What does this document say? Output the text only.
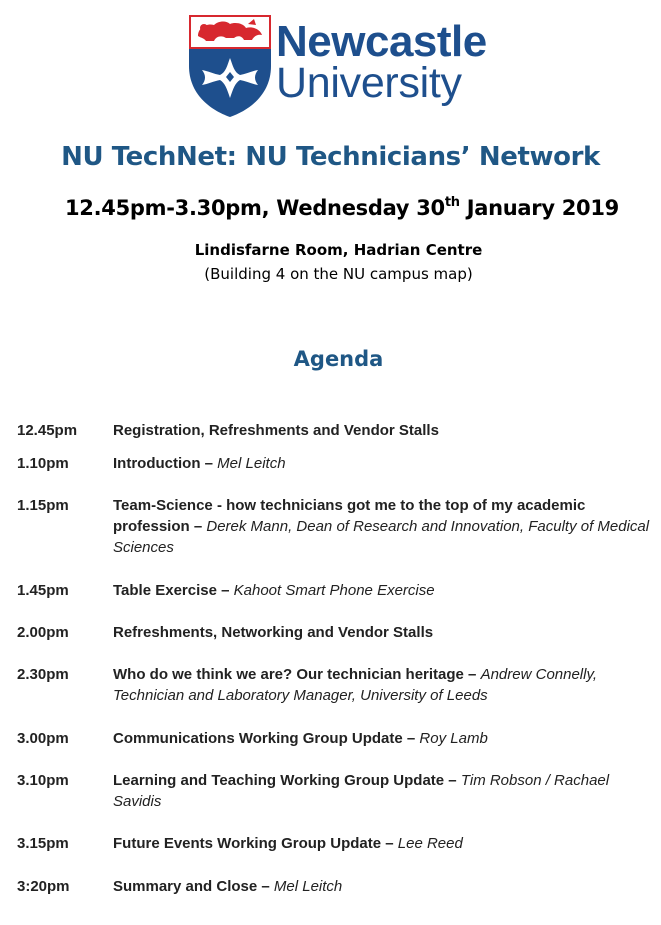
Newcastle
University
NU TechNet: NU Technicians’ Network
12.45pm-3.30pm, Wednesday 30th January 2019
Lindisfarne Room, Hadrian Centre
(Building 4 on the NU campus map)
Agenda
12.45pm Registration, Refreshments and Vendor Stalls
1.10pm	Introduction – Mel Leitch
1.15pm	Team-Science - how technicians got me to the top of my academic profession – Derek Mann, Dean of Research and Innovation, Faculty of Medical Sciences
1.45pm	Table Exercise – Kahoot Smart Phone Exercise
2.00pm	Refreshments, Networking and Vendor Stalls
2.30pm	Who do we think we are? Our technician heritage – Andrew Connelly, Technician and Laboratory Manager, University of Leeds
3.00pm	Communications Working Group Update – Roy Lamb
3.10pm	Learning and Teaching Working Group Update – Tim Robson / Rachael Savidis
3.15pm	Future Events Working Group Update – Lee Reed
3:20pm	Summary and Close – Mel Leitch
